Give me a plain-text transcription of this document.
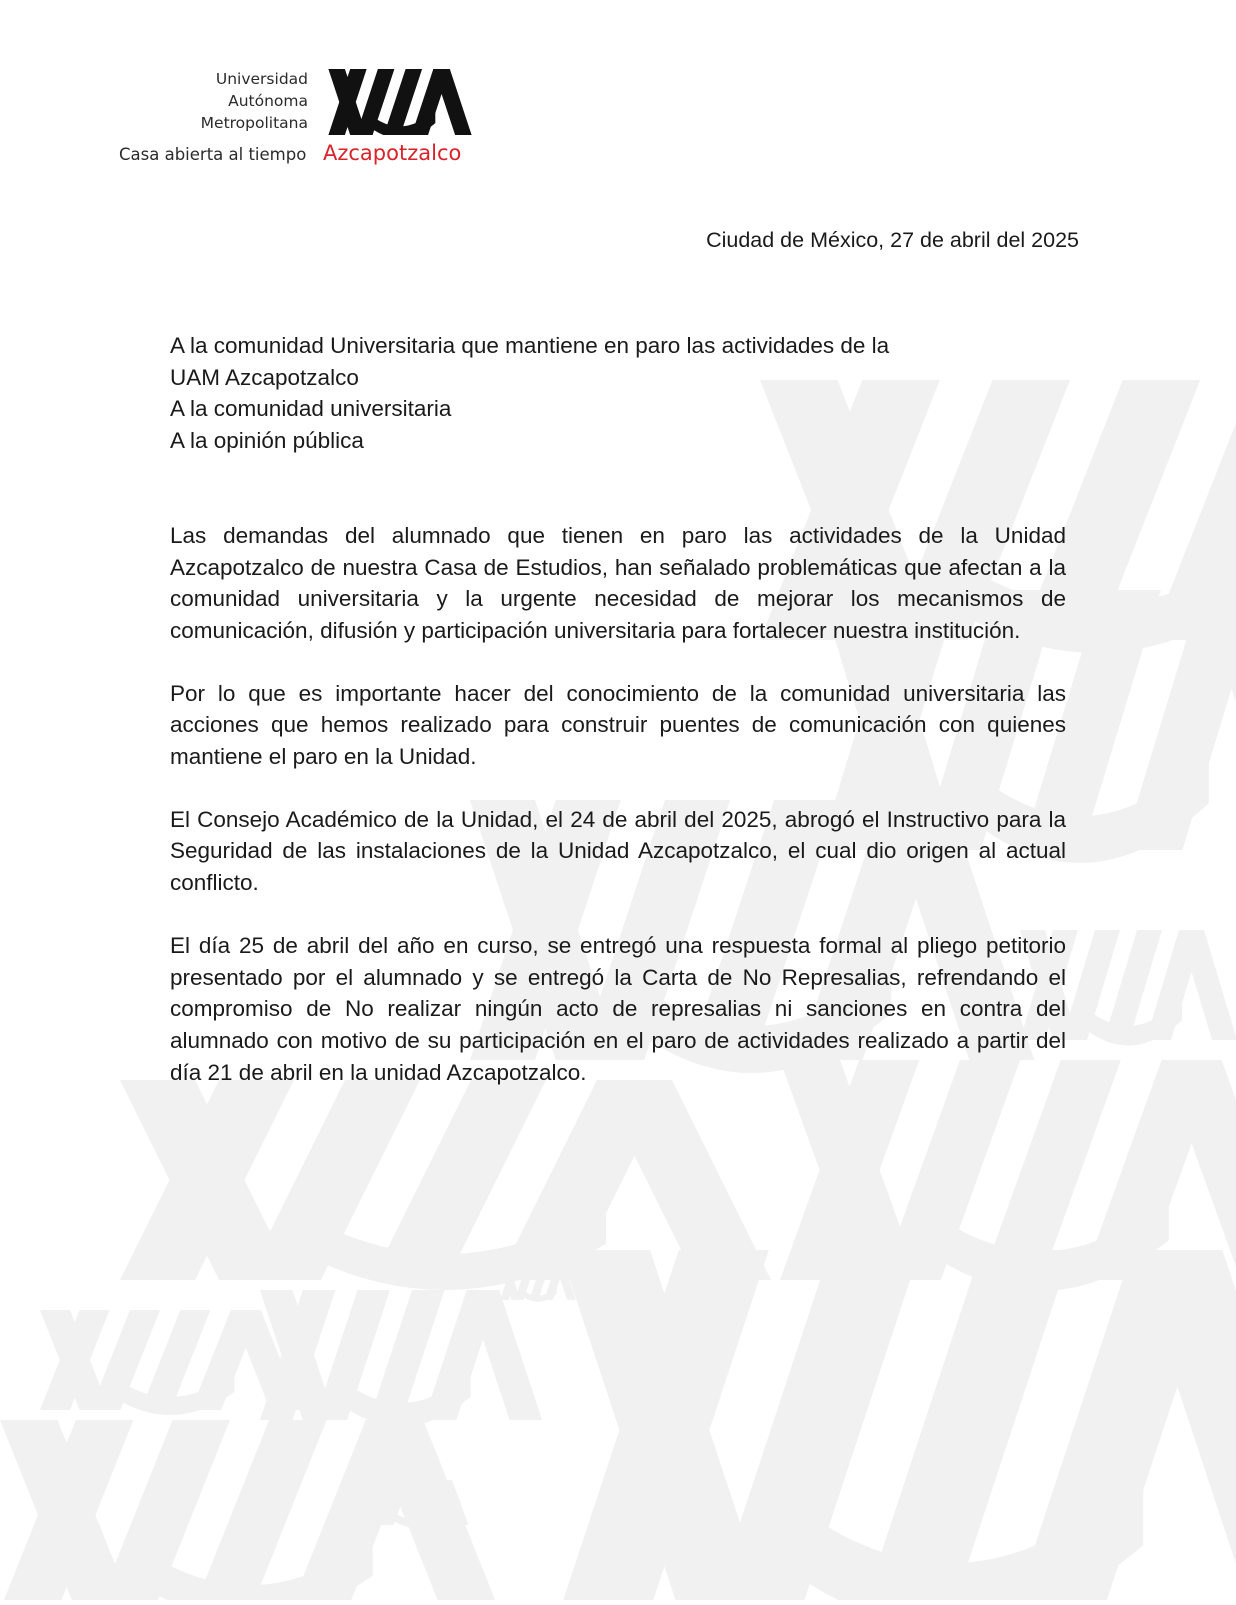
Universidad
Autónoma
Metropolitana
Casa abierta al tiempo Azcapotzalco
Ciudad de México, 27 de abril del 2025
A la comunidad Universitaria que mantiene en paro las actividades de la
UAM Azcapotzalco
A la comunidad universitaria
A la opinión pública

Las demandas del alumnado que tienen en paro las actividades de la Unidad Azcapotzalco de nuestra Casa de Estudios, han señalado problemáticas que afectan a la comunidad universitaria y la urgente necesidad de mejorar los mecanismos de comunicación, difusión y participación universitaria para fortalecer nuestra institución.

Por lo que es importante hacer del conocimiento de la comunidad universitaria las acciones que hemos realizado para construir puentes de comunicación con quienes mantiene el paro en la Unidad.

El Consejo Académico de la Unidad, el 24 de abril del 2025, abrogó el Instructivo para la Seguridad de las instalaciones de la Unidad Azcapotzalco, el cual dio origen al actual conflicto.

El día 25 de abril del año en curso, se entregó una respuesta formal al pliego petitorio presentado por el alumnado y se entregó la Carta de No Represalias, refrendando el compromiso de No realizar ningún acto de represalias ni sanciones en contra del alumnado con motivo de su participación en el paro de actividades realizado a partir del día 21 de abril en la unidad Azcapotzalco.
